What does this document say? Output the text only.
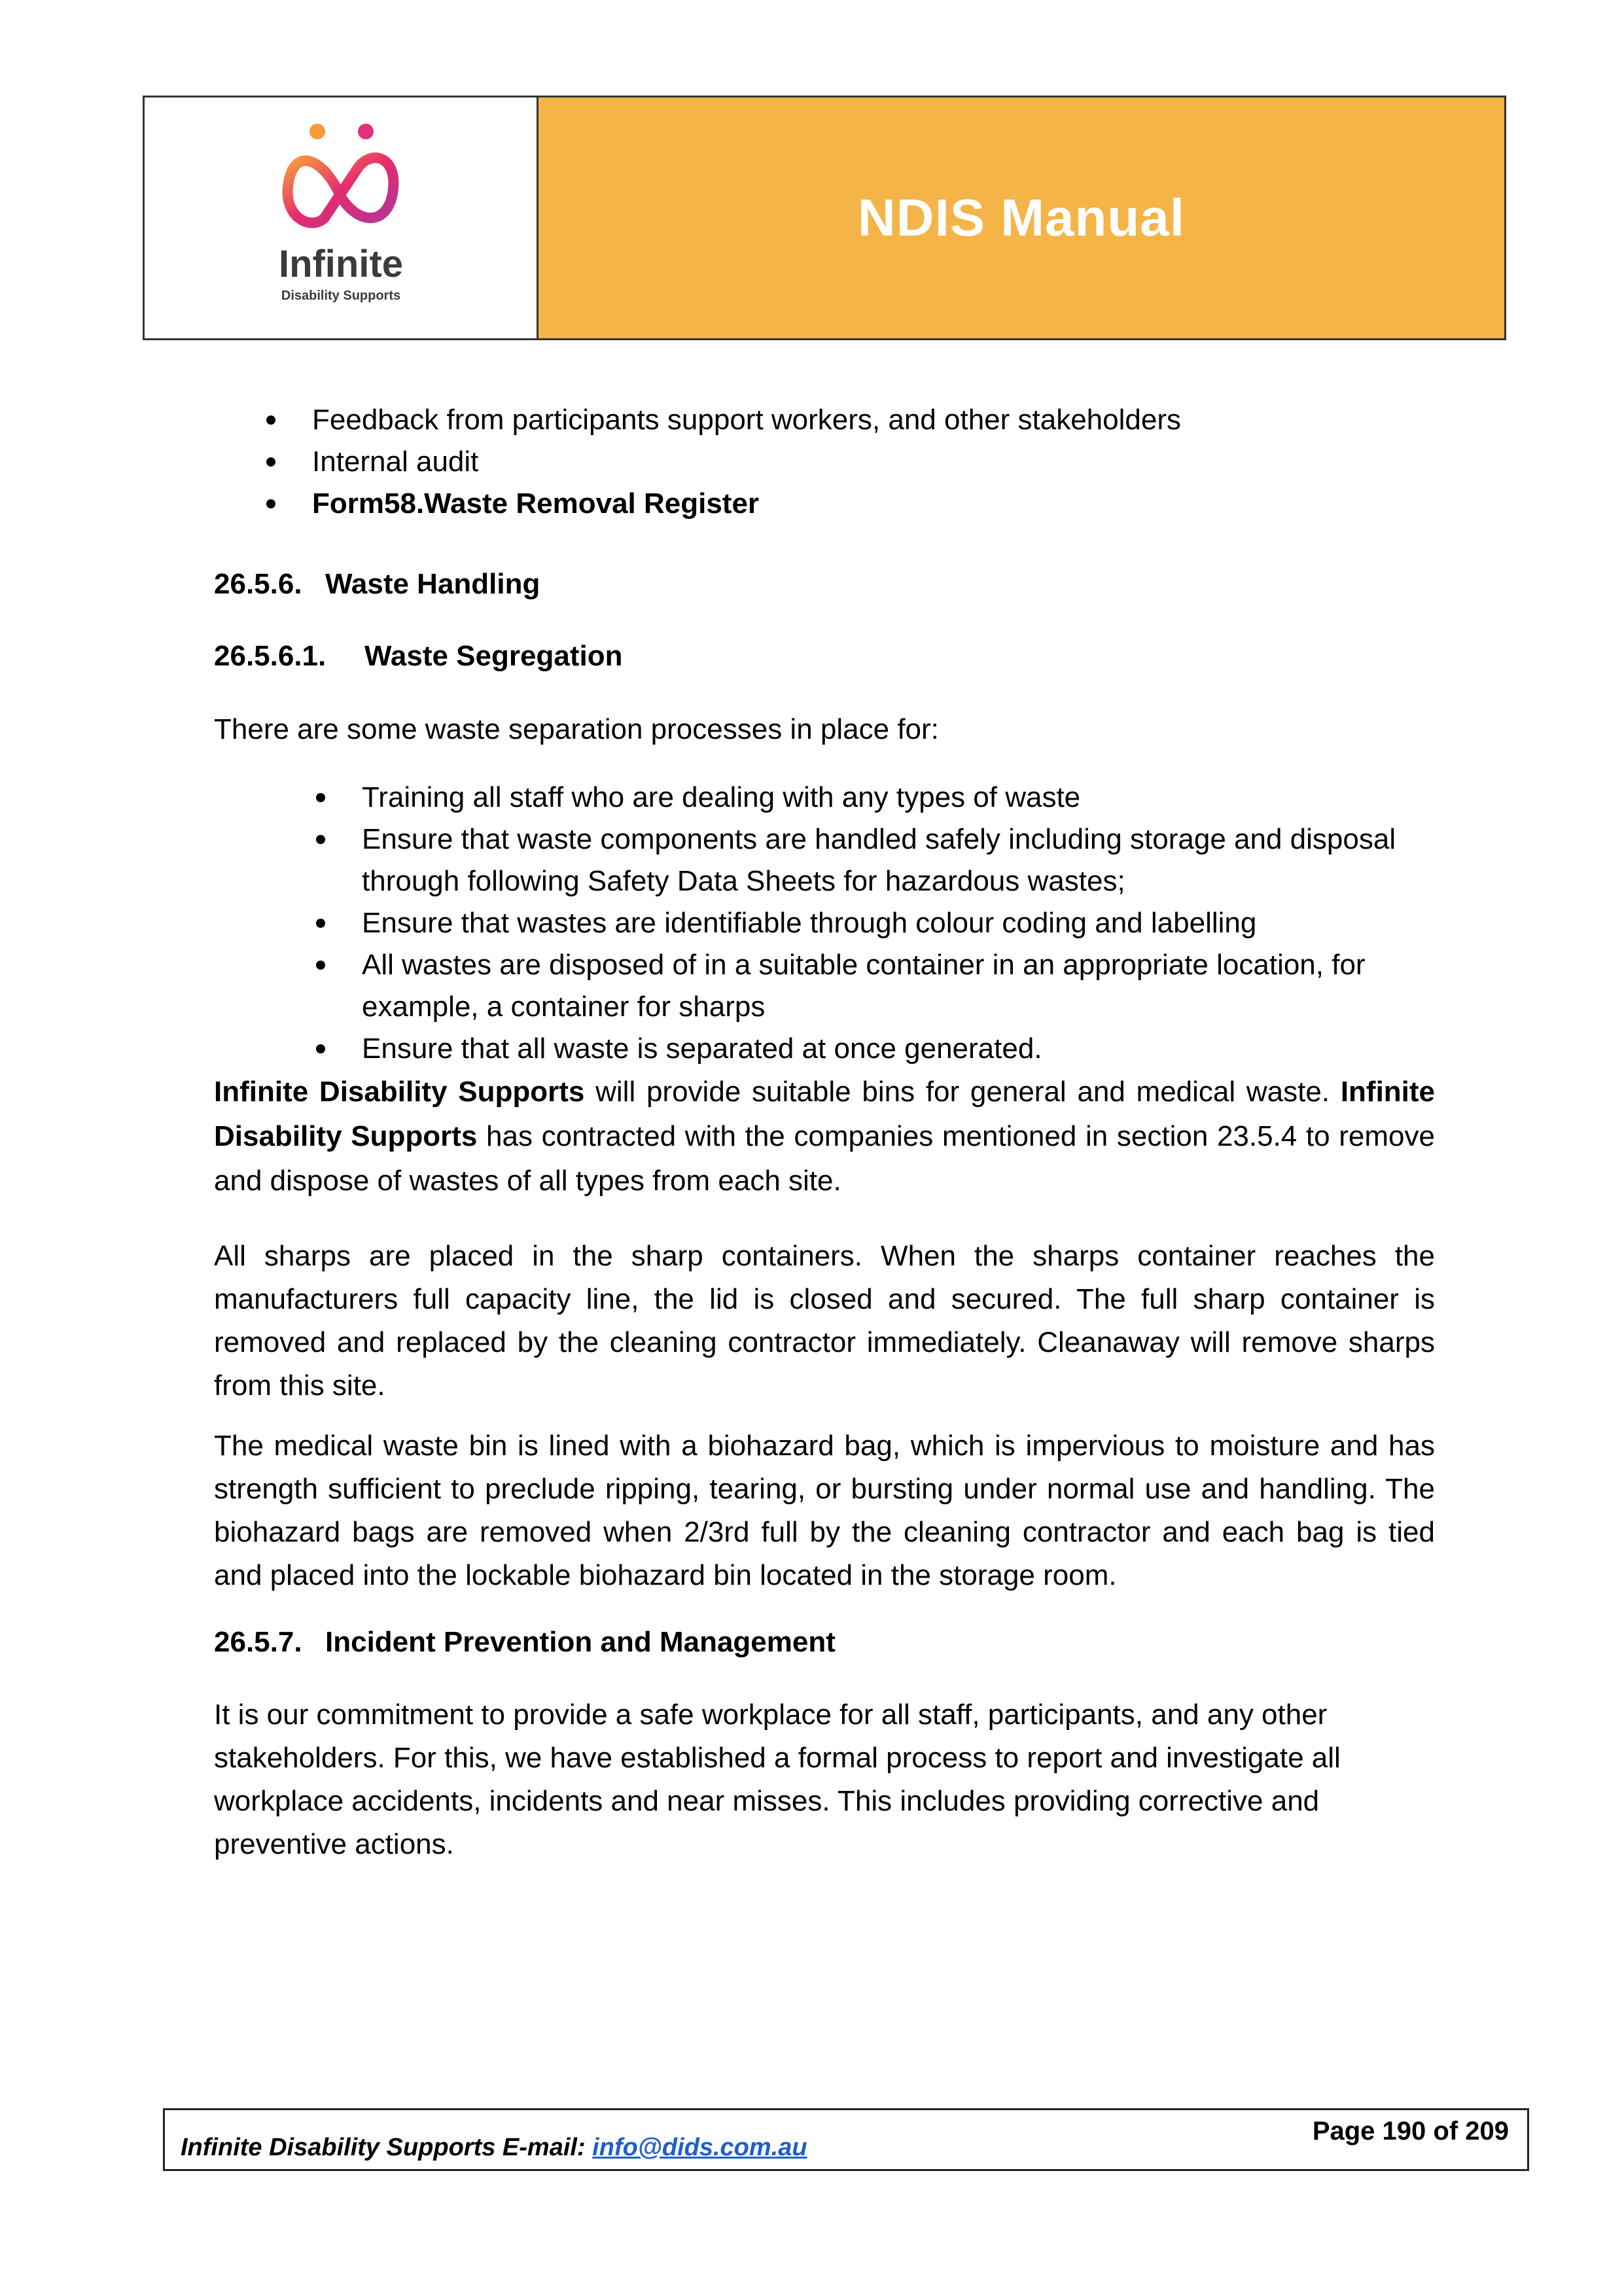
Infinite
Disability Supports
NDIS Manual
Feedback from participants support workers, and other stakeholders
Internal audit
Form58.Waste Removal Register
26.5.6. Waste Handling
26.5.6.1. Waste Segregation

There are some waste separation processes in place for:

Training all staff who are dealing with any types of waste
Ensure that waste components are handled safely including storage and disposal through following Safety Data Sheets for hazardous wastes;
Ensure that wastes are identifiable through colour coding and labelling
All wastes are disposed of in a suitable container in an appropriate location, for example, a container for sharps
Ensure that all waste is separated at once generated.

Infinite Disability Supports will provide suitable bins for general and medical waste. Infinite Disability Supports has contracted with the companies mentioned in section 23.5.4 to remove and dispose of wastes of all types from each site.

All sharps are placed in the sharp containers. When the sharps container reaches the manufacturers full capacity line, the lid is closed and secured. The full sharp container is removed and replaced by the cleaning contractor immediately. Cleanaway will remove sharps from this site.

The medical waste bin is lined with a biohazard bag, which is impervious to moisture and has strength sufficient to preclude ripping, tearing, or bursting under normal use and handling. The biohazard bags are removed when 2/3rd full by the cleaning contractor and each bag is tied and placed into the lockable biohazard bin located in the storage room.

26.5.7. Incident Prevention and Management

It is our commitment to provide a safe workplace for all staff, participants, and any other stakeholders. For this, we have established a formal process to report and investigate all workplace accidents, incidents and near misses. This includes providing corrective and preventive actions.

Infinite Disability Supports E-mail: info@dids.com.au
Page 190 of 209
